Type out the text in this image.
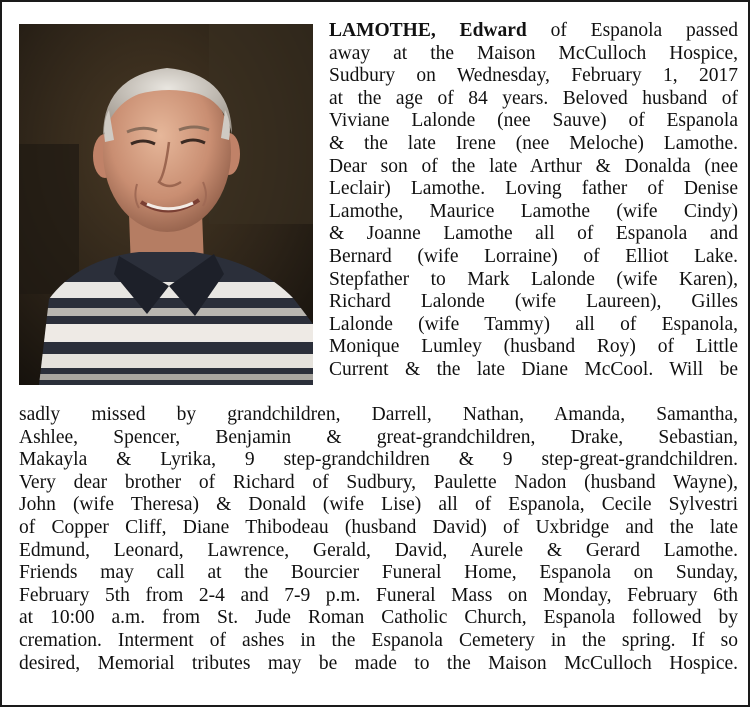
LAMOTHE, Edward of Espanola passed
away at the Maison McCulloch Hospice,
Sudbury on Wednesday, February 1, 2017
at the age of 84 years. Beloved husband of
Viviane Lalonde (nee Sauve) of Espanola
& the late Irene (nee Meloche) Lamothe.
Dear son of the late Arthur & Donalda (nee
Leclair) Lamothe. Loving father of Denise
Lamothe, Maurice Lamothe (wife Cindy)
& Joanne Lamothe all of Espanola and
Bernard (wife Lorraine) of Elliot Lake.
Stepfather to Mark Lalonde (wife Karen),
Richard Lalonde (wife Laureen), Gilles
Lalonde (wife Tammy) all of Espanola,
Monique Lumley (husband Roy) of Little
Current & the late Diane McCool. Will be
sadly missed by grandchildren, Darrell, Nathan, Amanda, Samantha,
Ashlee, Spencer, Benjamin & great-grandchildren, Drake, Sebastian,
Makayla & Lyrika, 9 step-grandchildren & 9 step-great-grandchildren.
Very dear brother of Richard of Sudbury, Paulette Nadon (husband Wayne),
John (wife Theresa) & Donald (wife Lise) all of Espanola, Cecile Sylvestri
of Copper Cliff, Diane Thibodeau (husband David) of Uxbridge and the late
Edmund, Leonard, Lawrence, Gerald, David, Aurele & Gerard Lamothe.
Friends may call at the Bourcier Funeral Home, Espanola on Sunday,
February 5th from 2-4 and 7-9 p.m. Funeral Mass on Monday, February 6th
at 10:00 a.m. from St. Jude Roman Catholic Church, Espanola followed by
cremation. Interment of ashes in the Espanola Cemetery in the spring. If so
desired, Memorial tributes may be made to the Maison McCulloch Hospice.
